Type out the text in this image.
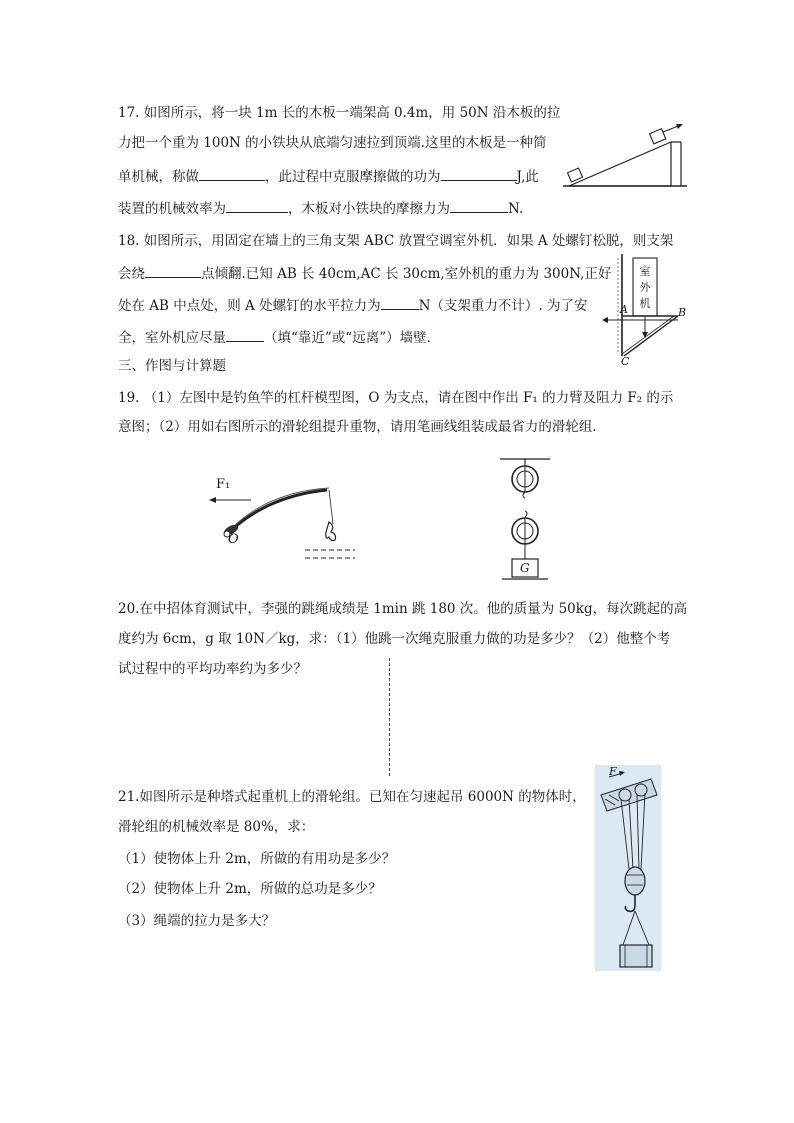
17. 如图所示，将一块 1m 长的木板一端架高 0.4m，用 50N 沿木板的拉
力把一个重为 100N 的小铁块从底端匀速拉到顶端.这里的木板是一种简
单机械，称做	，此过程中克服摩擦做的功为	J,此
装置的机械效率为	，木板对小铁块的摩擦力为	N.
18. 如图所示，用固定在墙上的三角支架 ABC 放置空调室外机．如果 A 处螺钉松脱，则支架
会绕	点倾翻.已知 AB 长 40cm,AC 长 30cm,室外机的重力为 300N,正好
处在 AB 中点处，则 A 处螺钉的水平拉力为	N（支架重力不计）. 为了安
全，室外机应尽量	（填“靠近”或“远离”）墙壁．
室外机
A	B
C
三、作图与计算题
19. （1）左图中是钓鱼竿的杠杆模型图，O 为支点，请在图中作出 F₁ 的力臂及阻力 F₂ 的示
意图；（2）用如右图所示的滑轮组提升重物，请用笔画线组装成最省力的滑轮组．
F₁
O
G
20.在中招体育测试中，李强的跳绳成绩是 1min 跳 180 次。他的质量为 50kg，每次跳起的高
度约为 6cm，g 取 10N／kg，求：（1）他跳一次绳克服重力做的功是多少？（2）他整个考
试过程中的平均功率约为多少？
21.如图所示是种塔式起重机上的滑轮组。已知在匀速起吊 6000N 的物体时，
滑轮组的机械效率是 80%，求：
（1）使物体上升 2m，所做的有用功是多少？
（2）使物体上升 2m，所做的总功是多少？
（3）绳端的拉力是多大？
F
